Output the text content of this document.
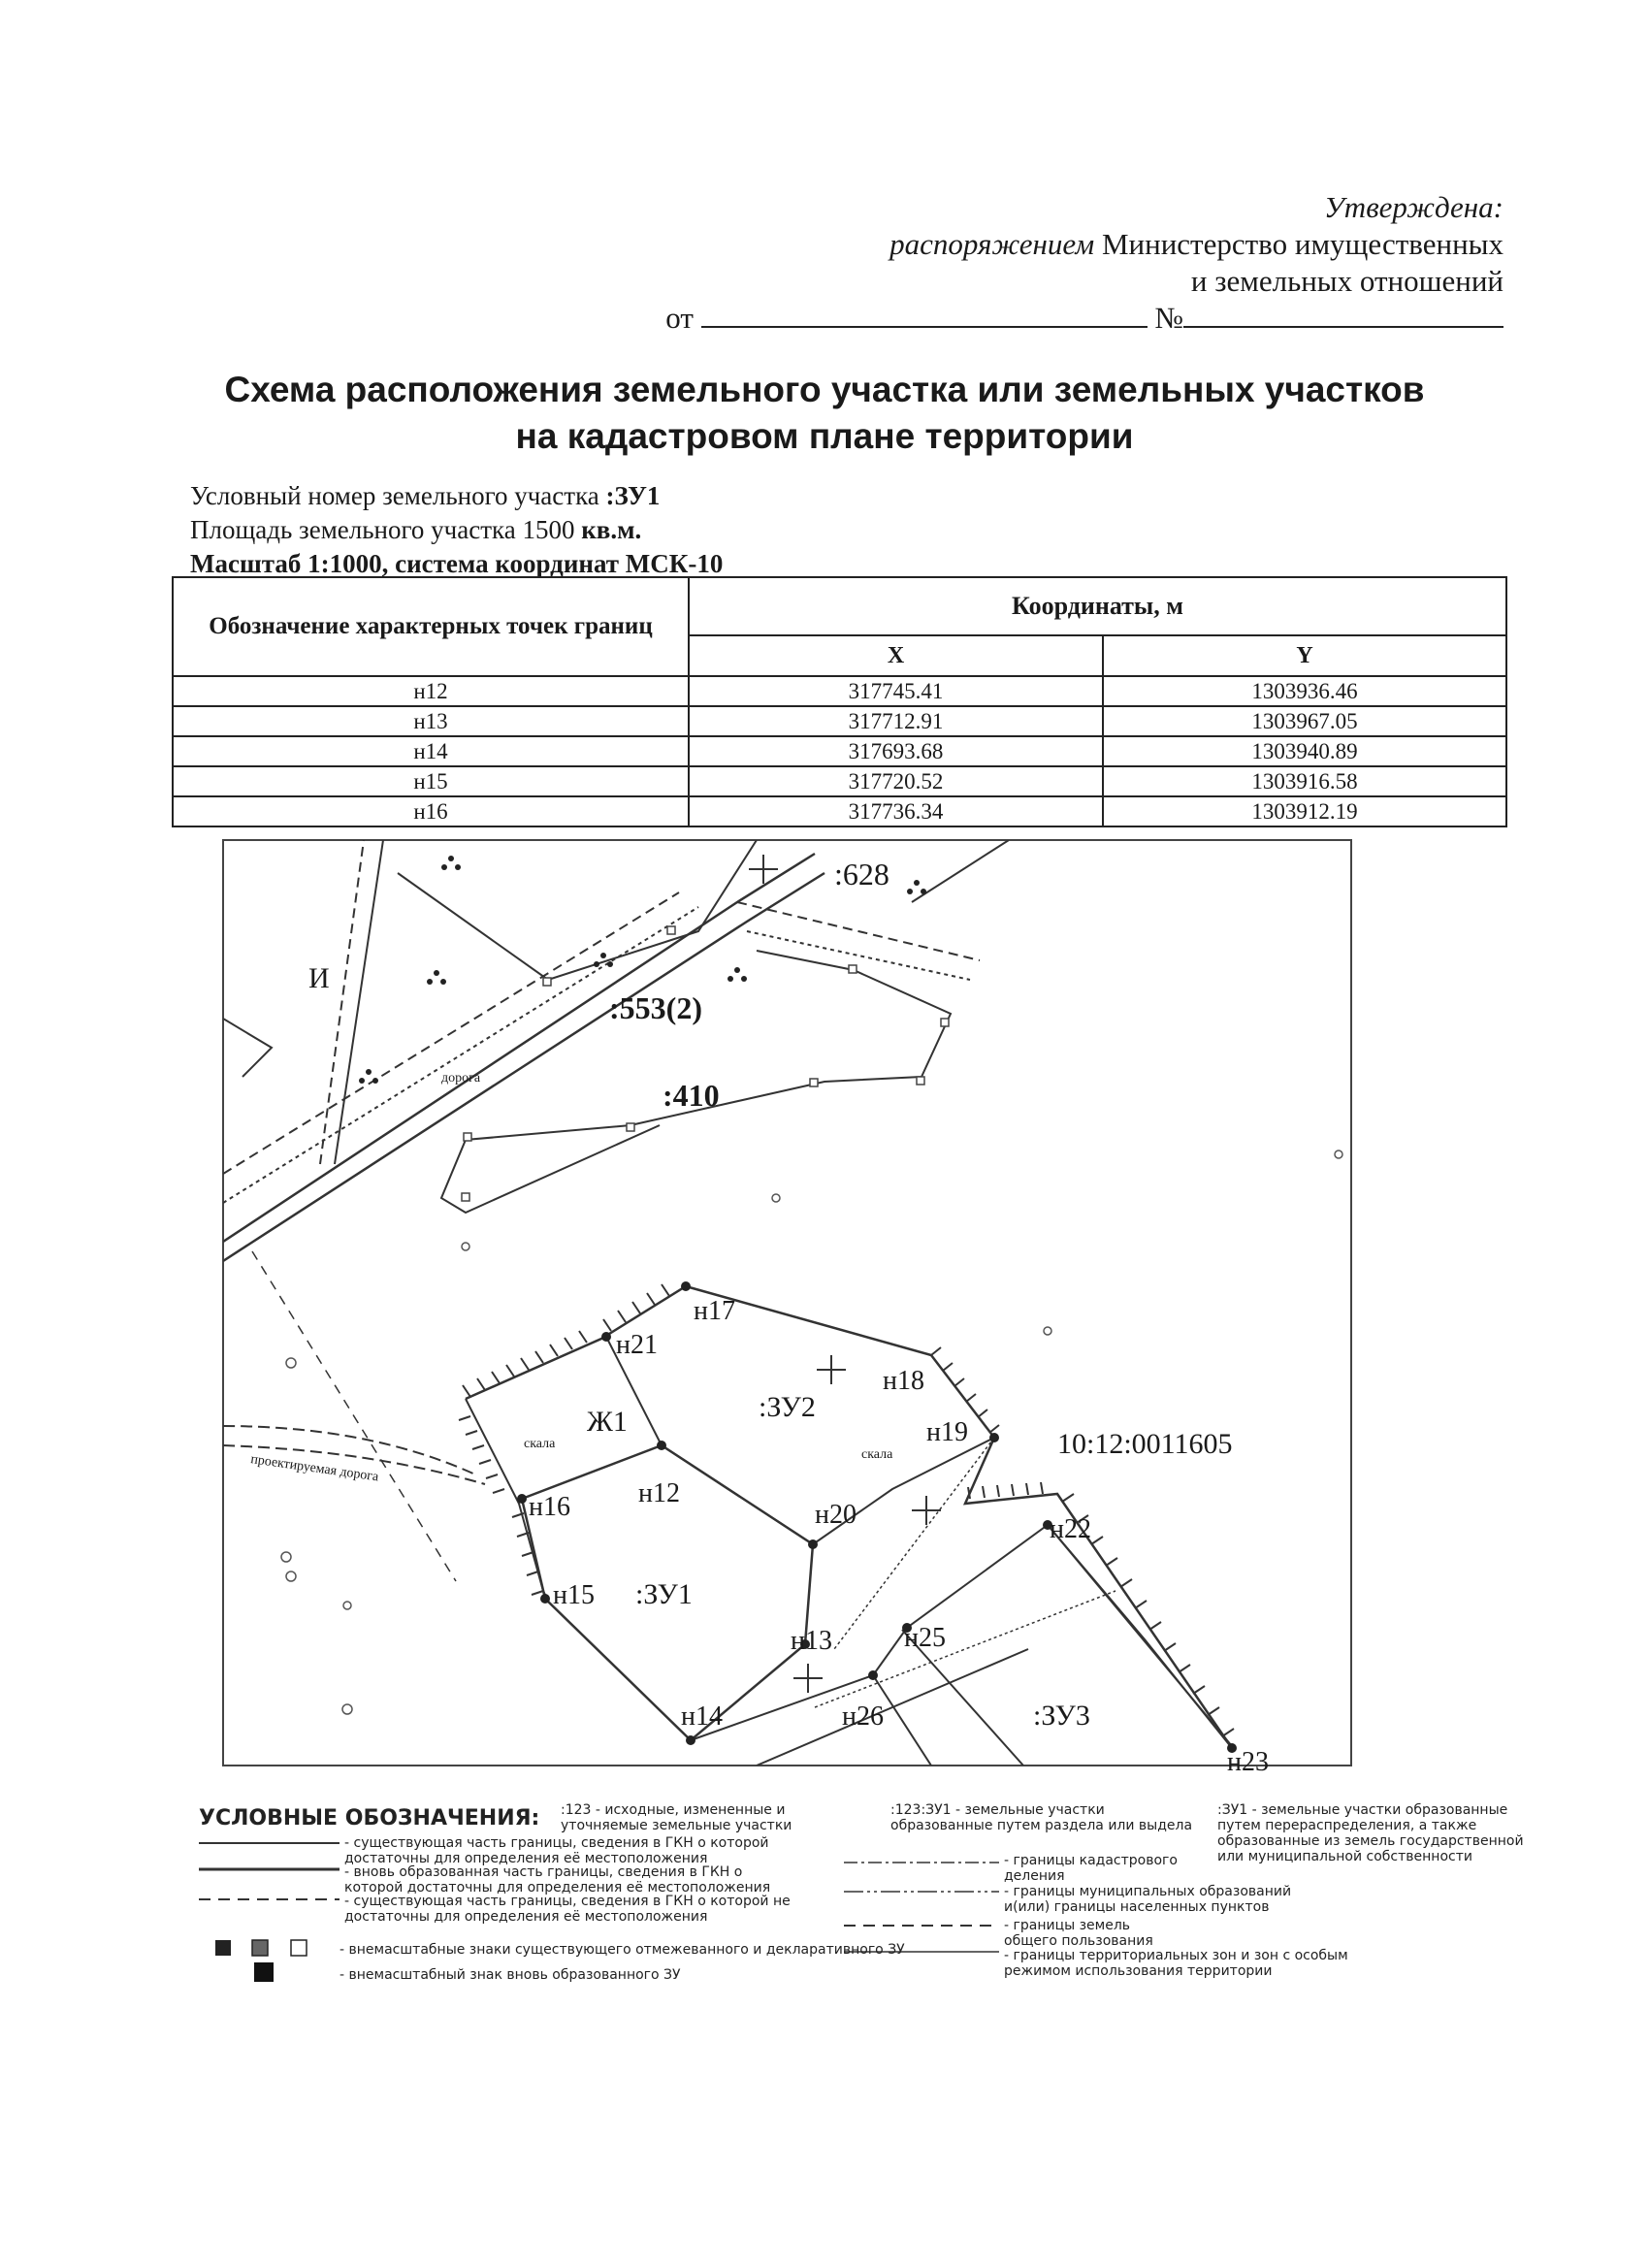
Утверждена:
распоряжением Министерство имущественных
и земельных отношений
от	№
Схема расположения земельного участка или земельных участков
на кадастровом плане территории
Условный номер земельного участка :ЗУ1
Площадь земельного участка 1500 кв.м.
Масштаб 1:1000, система координат МСК-10
Обозначение характерных точек границ	Координаты, м	
	X	Y
н12	317745.41	1303936.46
н13	317712.91	1303967.05
н14	317693.68	1303940.89
н15	317720.52	1303916.58
н16	317736.34	1303912.19
:628
:553(2)
:410
И
дорога
н17
н21
н18
н19	10:12:0011605
Ж1	:ЗУ2
скала
скала
проектируемая дорога
н16	н12
н20	н22
н15 :ЗУ1
н13	н25
н14	н26	:ЗУ3
н23
УСЛОВНЫЕ ОБОЗНАЧЕНИЯ: :123 - исходные, измененные и уточняемые земельные участки
:123:ЗУ1 - земельные участки образованные путем раздела или выдела
:ЗУ1 - земельные участки образованные путем перераспределения, а также образованные из земель государственной или муниципальной собственности
- существующая часть границы, сведения в ГКН о которой достаточны для определения её местоположения
- вновь образованная часть границы, сведения в ГКН о которой достаточны для определения её местоположения
- существующая часть границы, сведения в ГКН о которой не достаточны для определения её местоположения
- границы кадастрового деления
- границы муниципальных образований и(или) границы населенных пунктов
- границы земель общего пользования
- границы территориальных зон и зон с особым режимом использования территории
- внемасштабные знаки существующего отмежеванного и декларативного ЗУ
- внемасштабный знак вновь образованного ЗУ
